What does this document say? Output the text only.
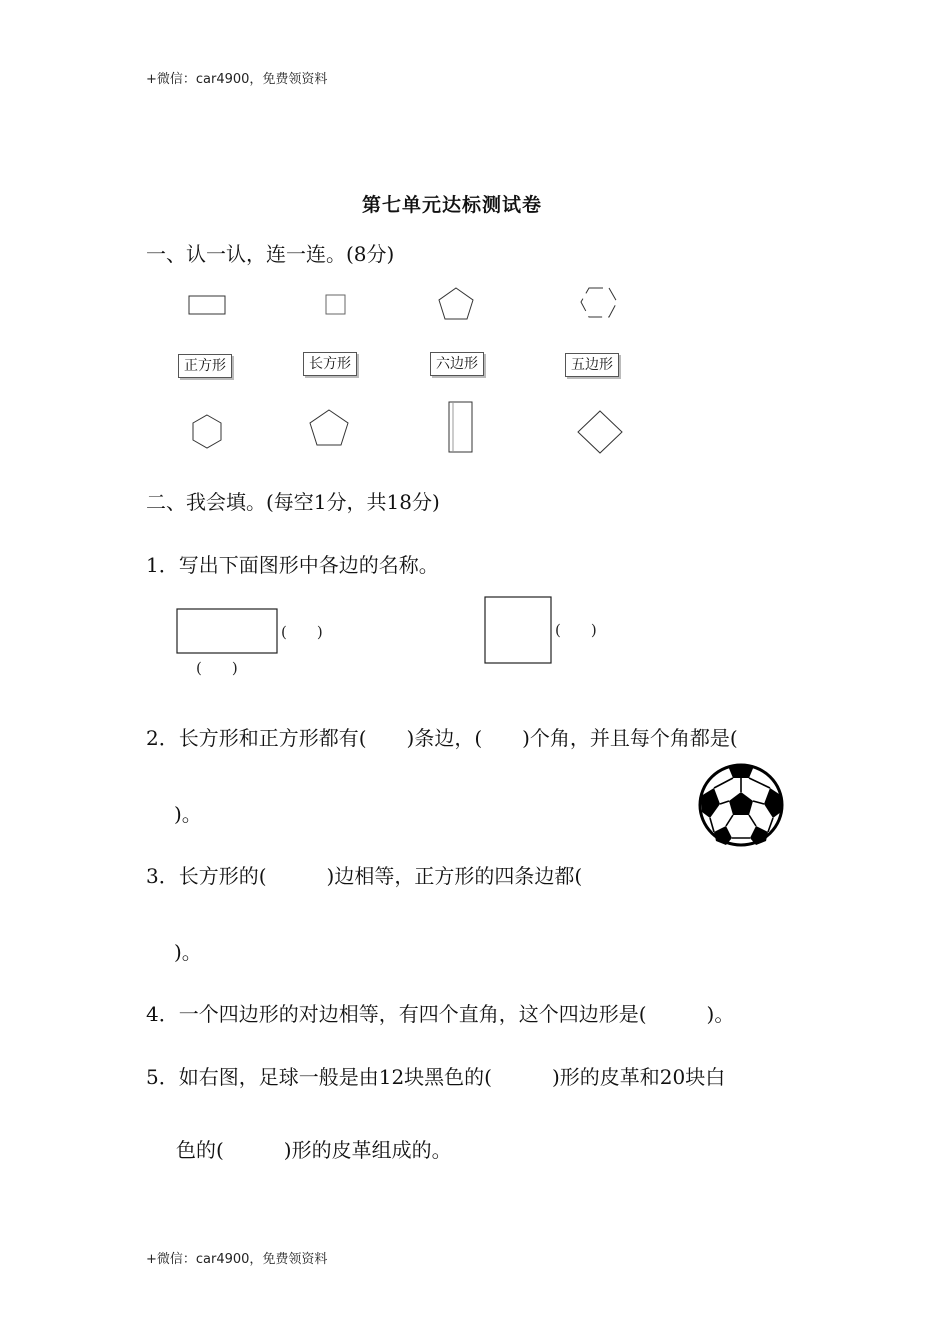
+微信：car4900，免费领资料
第七单元达标测试卷
一、认一认，连一连。(8分)
正方形	长方形	六边形	五边形
二、我会填。(每空1分，共18分)
1．写出下面图形中各边的名称。
(　　)
(　　)
(　　)
2．长方形和正方形都有(　　)条边，(　　)个角，并且每个角都是(
)。
3．长方形的(　　　)边相等，正方形的四条边都(
)。
4．一个四边形的对边相等，有四个直角，这个四边形是(　　　)。
5．如右图，足球一般是由12块黑色的(　　　)形的皮革和20块白
色的(　　　)形的皮革组成的。
+微信：car4900，免费领资料
